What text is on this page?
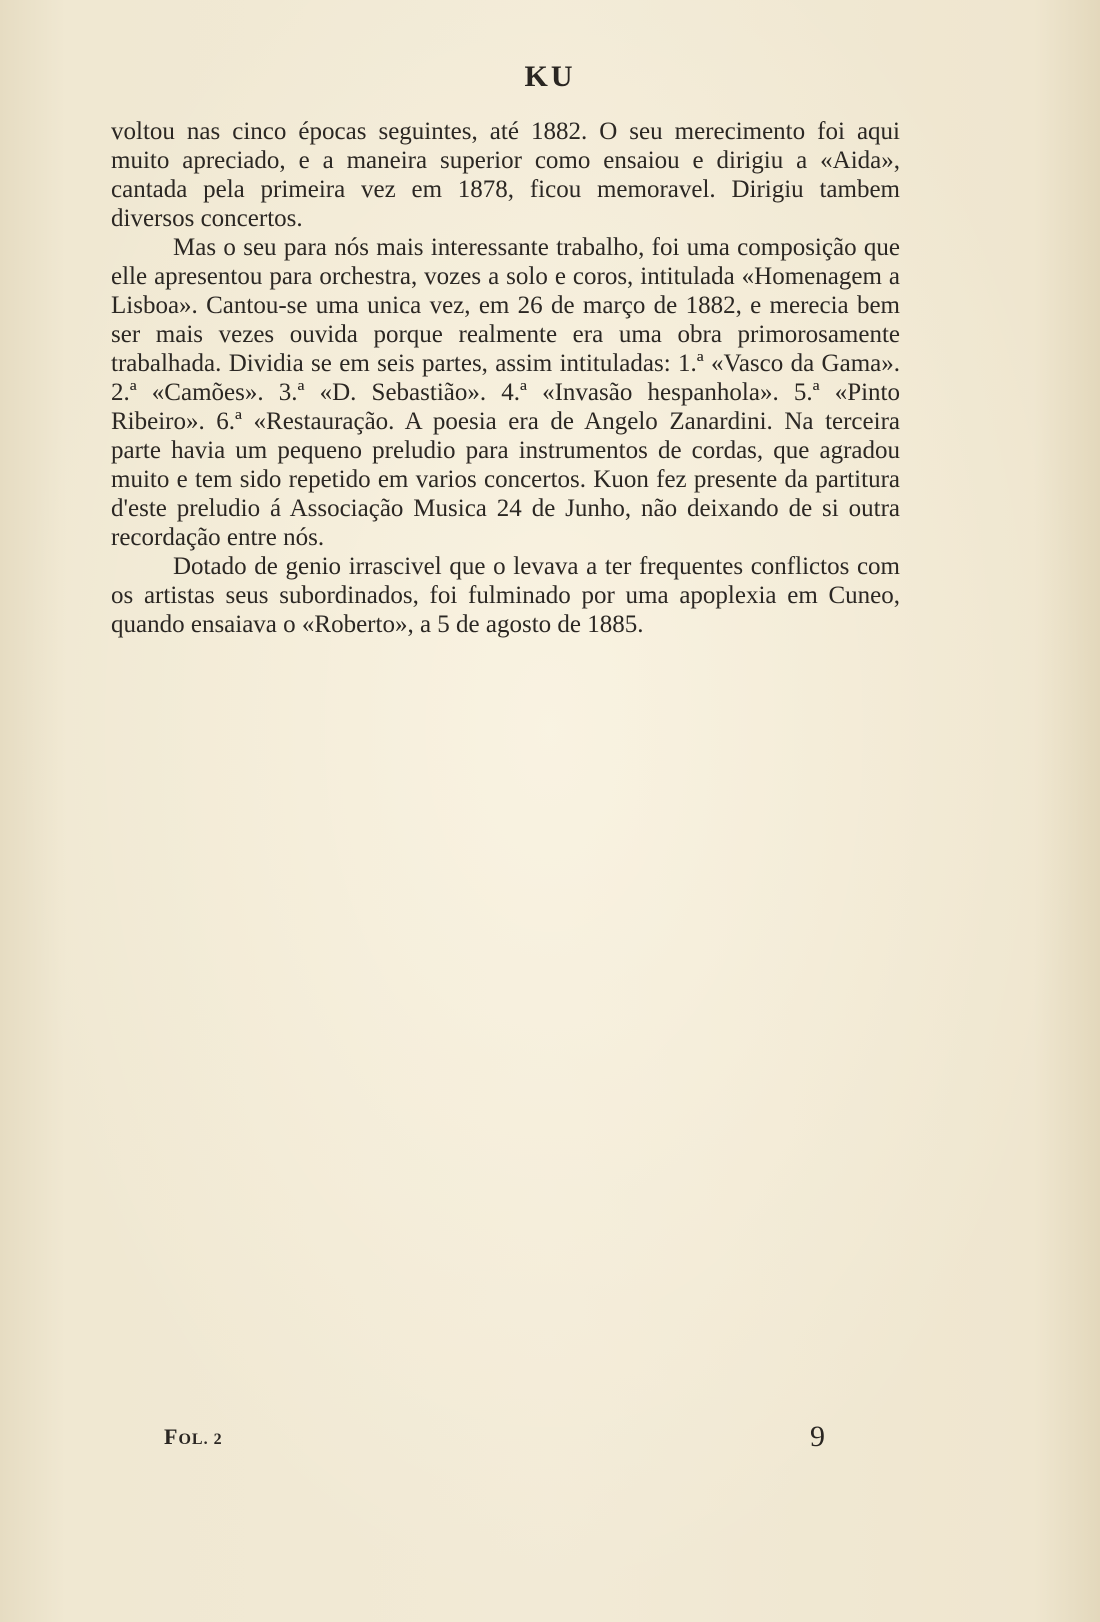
KU

voltou nas cinco épocas seguintes, até 1882. O seu merecimento foi aqui muito apreciado, e a maneira superior como ensaiou e dirigiu a «Aida», cantada pela primeira vez em 1878, ficou memoravel. Dirigiu tambem diversos concertos.

Mas o seu para nós mais interessante trabalho, foi uma composição que elle apresentou para orchestra, vozes a solo e coros, intitulada «Homenagem a Lisboa». Cantou-se uma unica vez, em 26 de março de 1882, e merecia bem ser mais vezes ouvida porque realmente era uma obra primorosamente trabalhada. Dividia se em seis partes, assim intituladas: 1.ª «Vasco da Gama». 2.ª «Camões». 3.ª «D. Sebastião». 4.ª «Invasão hespanhola». 5.ª «Pinto Ribeiro». 6.ª «Restauração. A poesia era de Angelo Zanardini. Na terceira parte havia um pequeno preludio para instrumentos de cordas, que agradou muito e tem sido repetido em varios concertos. Kuon fez presente da partitura d'este preludio á Associação Musica 24 de Junho, não deixando de si outra recordação entre nós.

Dotado de genio irrascivel que o levava a ter frequentes conflictos com os artistas seus subordinados, foi fulminado por uma apoplexia em Cuneo, quando ensaiava o «Roberto», a 5 de agosto de 1885.

FOL. 2	9
